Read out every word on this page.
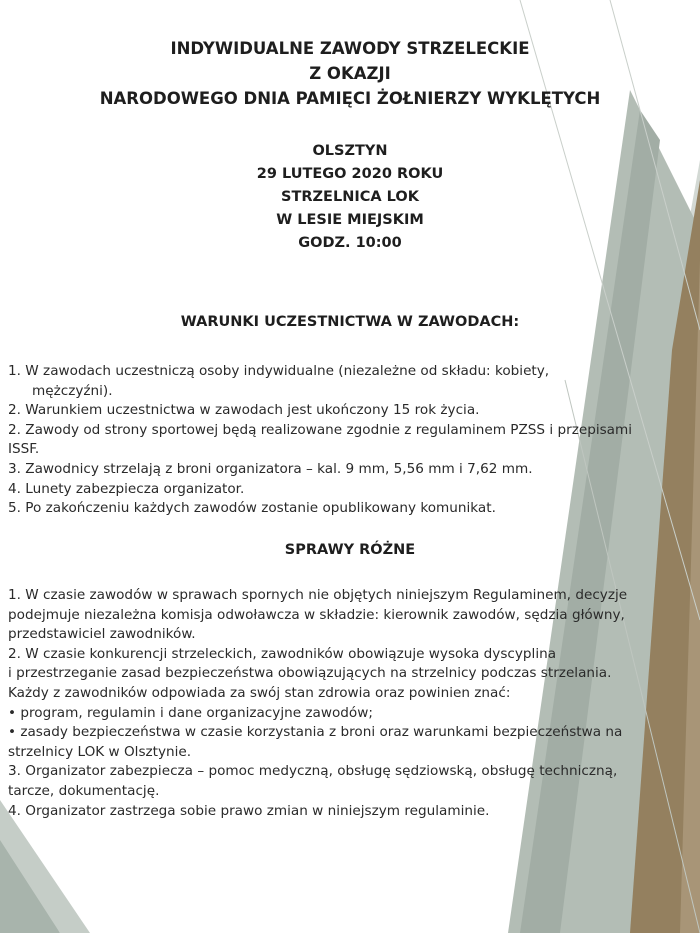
INDYWIDUALNE ZAWODY STRZELECKIE
Z OKAZJI
NARODOWEGO DNIA PAMIĘCI ŻOŁNIERZY WYKLĘTYCH
OLSZTYN
29 LUTEGO 2020 ROKU
STRZELNICA LOK
W LESIE MIEJSKIM
GODZ. 10:00
WARUNKI UCZESTNICTWA W ZAWODACH:
1. W zawodach uczestniczą osoby indywidualne (niezależne od składu: kobiety,
mężczyźni).
2. Warunkiem uczestnictwa w zawodach jest ukończony 15 rok życia.
2. Zawody od strony sportowej będą realizowane zgodnie z regulaminem PZSS i przepisami
ISSF.
3. Zawodnicy strzelają z broni organizatora – kal. 9 mm, 5,56 mm i 7,62 mm.
4. Lunety zabezpiecza organizator.
5. Po zakończeniu każdych zawodów zostanie opublikowany komunikat.
SPRAWY RÓŻNE
1. W czasie zawodów w sprawach spornych nie objętych niniejszym Regulaminem, decyzje
podejmuje niezależna komisja odwoławcza w składzie: kierownik zawodów, sędzia główny,
przedstawiciel zawodników.
2. W czasie konkurencji strzeleckich, zawodników obowiązuje wysoka dyscyplina
i przestrzeganie zasad bezpieczeństwa obowiązujących na strzelnicy podczas strzelania.
Każdy z zawodników odpowiada za swój stan zdrowia oraz powinien znać:
• program, regulamin i dane organizacyjne zawodów;
• zasady bezpieczeństwa w czasie korzystania z broni oraz warunkami bezpieczeństwa na
strzelnicy LOK w Olsztynie.
3. Organizator zabezpiecza – pomoc medyczną, obsługę sędziowską, obsługę techniczną,
tarcze, dokumentację.
4. Organizator zastrzega sobie prawo zmian w niniejszym regulaminie.
